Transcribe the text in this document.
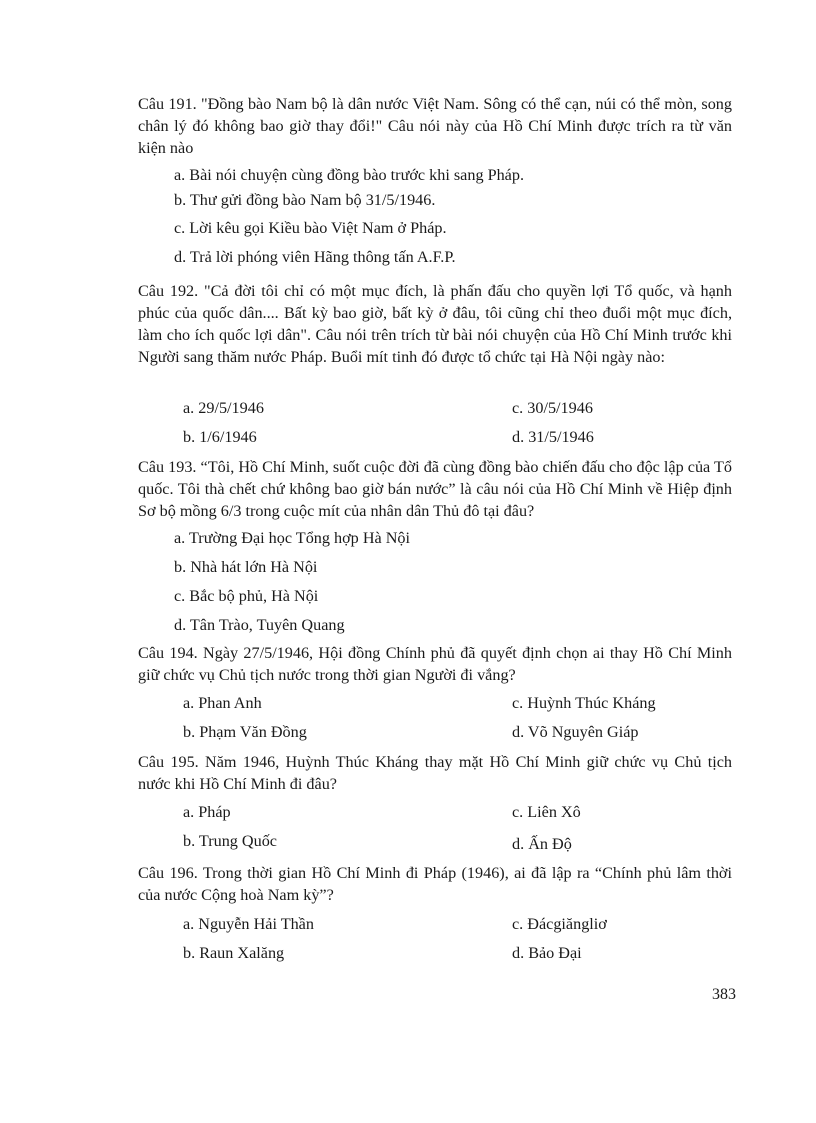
Câu 191. "Đồng bào Nam bộ là dân nước Việt Nam. Sông có thể cạn, núi có thể mòn, song chân lý đó không bao giờ thay đổi!" Câu nói này của Hồ Chí Minh được trích ra từ văn kiện nào
a. Bài nói chuyện cùng đồng bào trước khi sang Pháp.
b. Thư gửi đồng bào Nam bộ 31/5/1946.
c. Lời kêu gọi Kiều bào Việt Nam ở Pháp.
d. Trả lời phóng viên Hãng thông tấn A.F.P.
Câu 192. "Cả đời tôi chỉ có một mục đích, là phấn đấu cho quyền lợi Tổ quốc, và hạnh phúc của quốc dân.... Bất kỳ bao giờ, bất kỳ ở đâu, tôi cũng chỉ theo đuổi một mục đích, làm cho ích quốc lợi dân". Câu nói trên trích từ bài nói chuyện của Hồ Chí Minh trước khi Người sang thăm nước Pháp. Buổi mít tinh đó được tổ chức tại Hà Nội ngày nào:
a. 29/5/1946	c. 30/5/1946
b. 1/6/1946	d. 31/5/1946
Câu 193. “Tôi, Hồ Chí Minh, suốt cuộc đời đã cùng đồng bào chiến đấu cho độc lập của Tổ quốc. Tôi thà chết chứ không bao giờ bán nước” là câu nói của Hồ Chí Minh về Hiệp định Sơ bộ mồng 6/3 trong cuộc mít của nhân dân Thủ đô tại đâu?
a. Trường Đại học Tổng hợp Hà Nội
b. Nhà hát lớn Hà Nội
c. Bắc bộ phủ, Hà Nội
d. Tân Trào, Tuyên Quang
Câu 194. Ngày 27/5/1946, Hội đồng Chính phủ đã quyết định chọn ai thay Hồ Chí Minh giữ chức vụ Chủ tịch nước trong thời gian Người đi vắng?
a. Phan Anh	c. Huỳnh Thúc Kháng
b. Phạm Văn Đồng	d. Võ Nguyên Giáp
Câu 195. Năm 1946, Huỳnh Thúc Kháng thay mặt Hồ Chí Minh giữ chức vụ Chủ tịch nước khi Hồ Chí Minh đi đâu?
a. Pháp	c. Liên Xô
b. Trung Quốc	d. Ấn Độ
Câu 196. Trong thời gian Hồ Chí Minh đi Pháp (1946), ai đã lập ra “Chính phủ lâm thời của nước Cộng hoà Nam kỳ”?
a. Nguyễn Hải Thần	c. Đácgiăngliơ
b. Raun Xalăng	d. Bảo Đại
383
